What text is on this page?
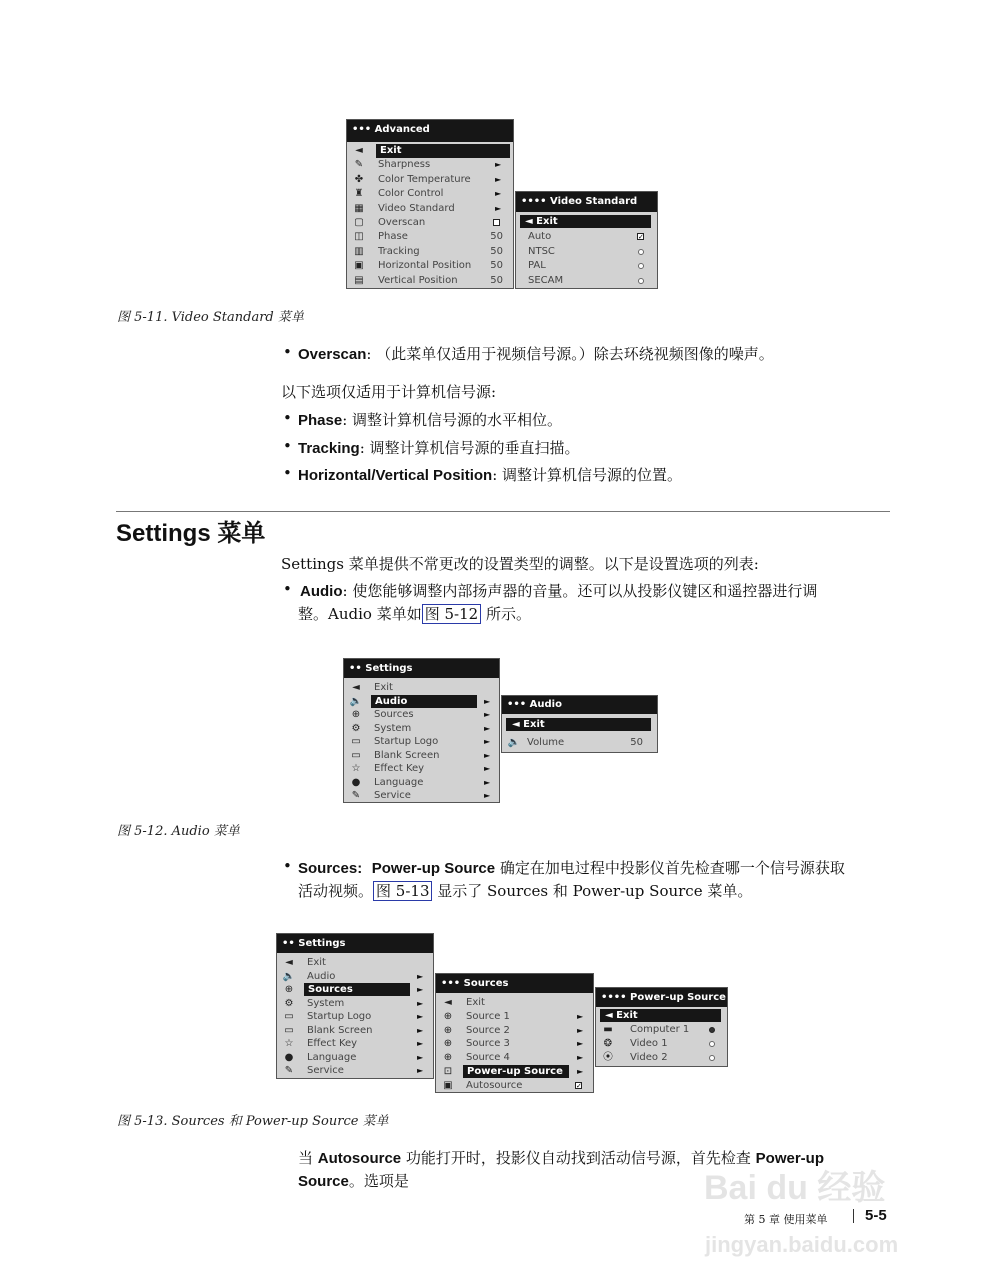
••• Advanced
◄	Exit
✎ Sharpness	►
✤ Color Temperature	►
♜ Color Control	►
▦ Video Standard	►
▢ Overscan
◫ Phase	50
▥ Tracking	50
▣ Horizontal Position 50
▤ Vertical Position	50
•••• Video Standard
◄ Exit
Auto	✓
NTSC
PAL
SECAM
图 5-11. Video Standard 菜单
• Overscan: （此菜单仅适用于视频信号源。）除去环绕视频图像的噪声。
以下选项仅适用于计算机信号源:
• Phase: 调整计算机信号源的水平相位。
• Tracking: 调整计算机信号源的垂直扫描。
• Horizontal/Vertical Position: 调整计算机信号源的位置。
Settings 菜单
Settings 菜单提供不常更改的设置类型的调整。以下是设置选项的列表:
• Audio: 使您能够调整内部扬声器的音量。还可以从投影仪键区和遥控器进行调
整。Audio 菜单如 图 5-12 所示。
•• Settings
◄	Exit
🔈	Audio	►
⊕ Sources	►
⚙ System	►
▭ Startup Logo	►
▭ Blank Screen	►
☆ Effect Key	►
● Language	►
✎ Service	►
••• Audio
◄ Exit
🔈 Volume	50
图 5-12. Audio 菜单
• Sources: Power-up Source 确定在加电过程中投影仪首先检查哪一个信号源获取
活动视频。 图 5-13 显示了 Sources 和 Power-up Source 菜单。
•• Settings
◄	Exit
🔈 Audio	►
⊕	Sources	►
⚙ System	►
▭ Startup Logo	►
▭ Blank Screen	►
☆ Effect Key	►
● Language	►
✎ Service	►
••• Sources
◄	Exit
⊕ Source 1	►
⊕ Source 2	►
⊕ Source 3	►
⊕ Source 4	►
⊡	Power-up Source	►
▣ Autosource	✓
•••• Power-up Source
◄ Exit
▬ Computer 1
❂ Video 1
⦿ Video 2
图 5-13. Sources 和 Power-up Source 菜单
当 Autosource 功能打开时，投影仪自动找到活动信号源，首先检查 Power-up
Source。选项是
第 5 章 使用菜单	5-5
Bai du 经验
jingyan.baidu.com
